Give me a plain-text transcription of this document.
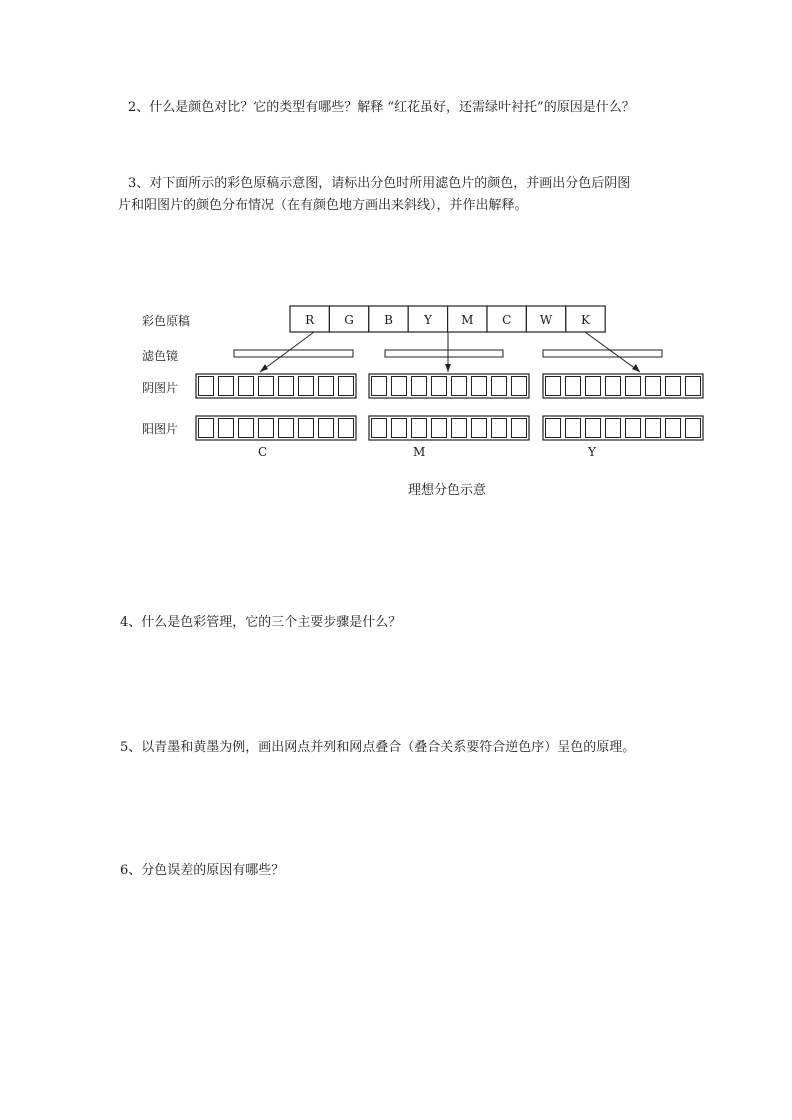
2、什么是颜色对比？它的类型有哪些？解释 “红花虽好，还需绿叶衬托”的原因是什么？
3、对下面所示的彩色原稿示意图，请标出分色时所用滤色片的颜色，并画出分色后阴图
片和阳图片的颜色分布情况（在有颜色地方画出来斜线），并作出解释。
彩色原稿
滤色镜
阴图片
阳图片
R	G	B	Y M C W K
C	M	Y
理想分色示意
4、什么是色彩管理，它的三个主要步骤是什么？
5、以青墨和黄墨为例，画出网点并列和网点叠合（叠合关系要符合逆色序）呈色的原理。
6、分色误差的原因有哪些？
